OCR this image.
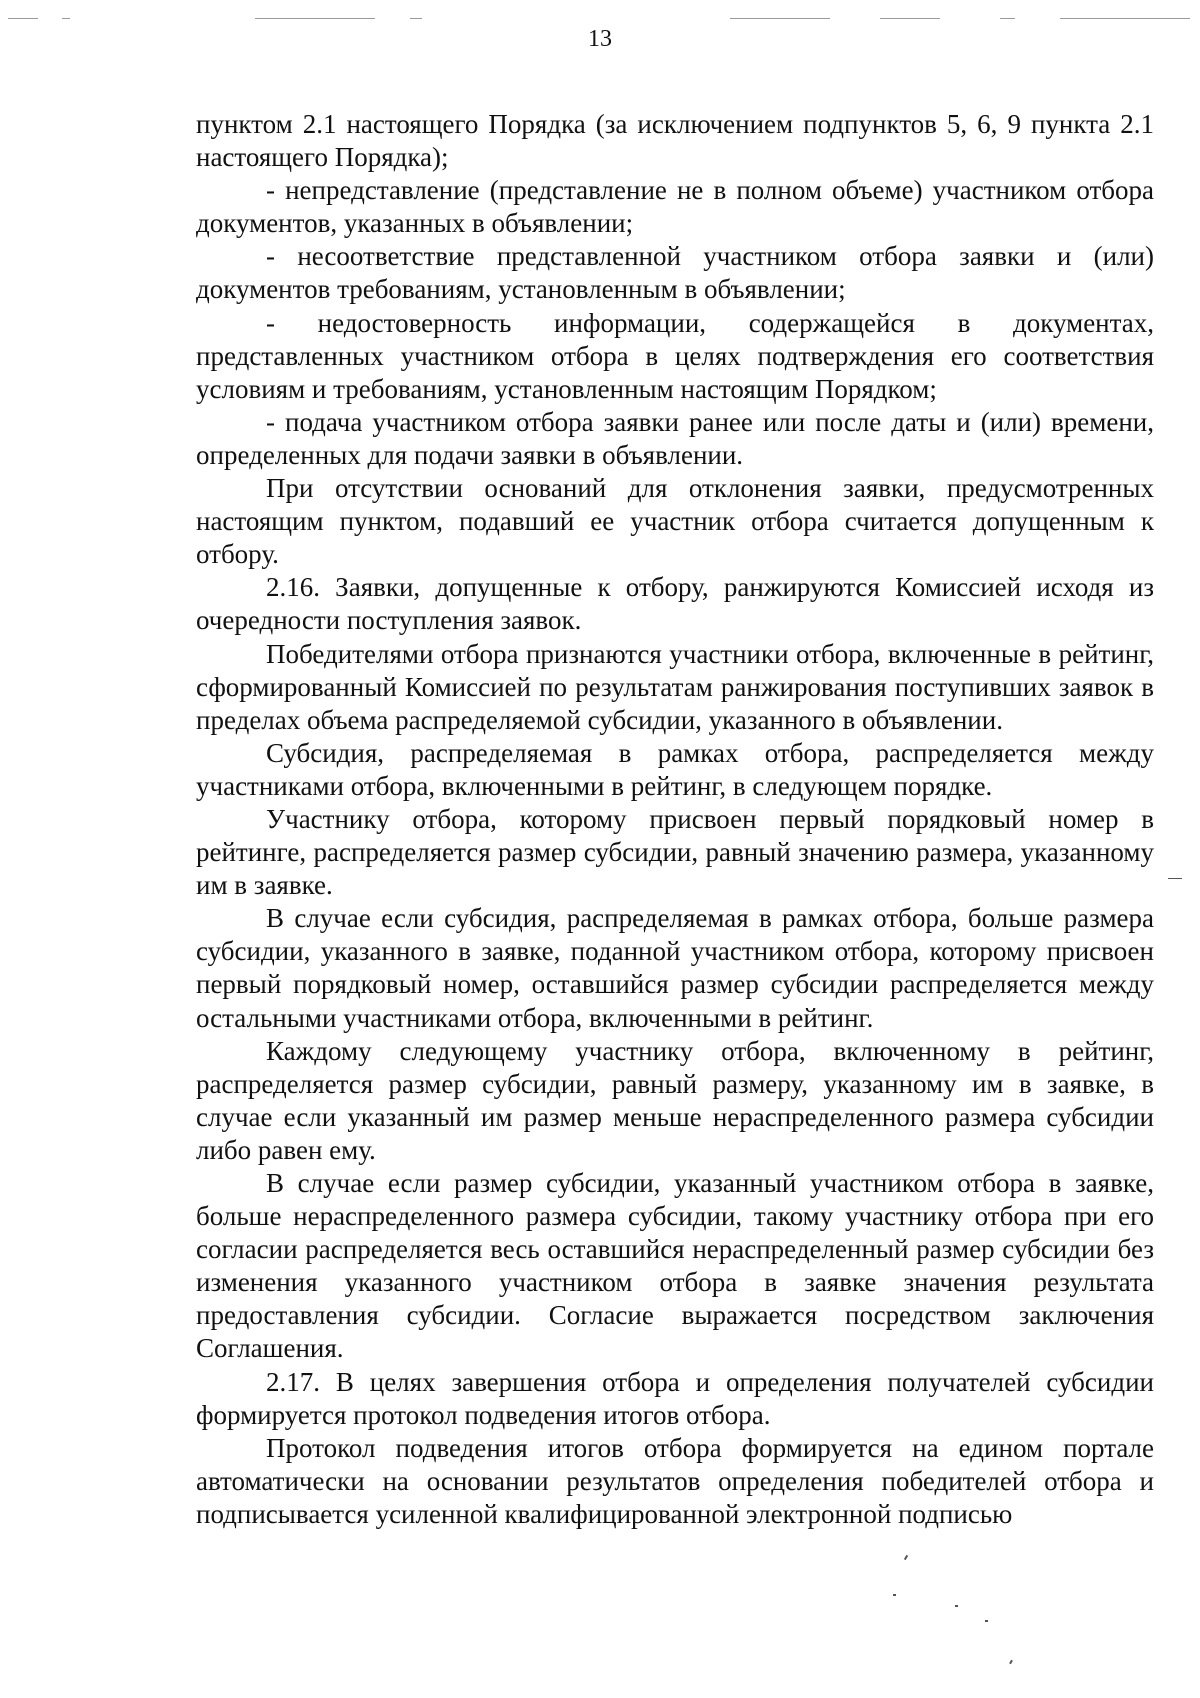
13

пунктом 2.1 настоящего Порядка (за исключением подпунктов 5, 6, 9 пункта 2.1 настоящего Порядка);

- непредставление (представление не в полном объеме) участником отбора документов, указанных в объявлении;

- несоответствие представленной участником отбора заявки и (или) документов требованиям, установленным в объявлении;

- недостоверность информации, содержащейся в документах, представленных участником отбора в целях подтверждения его соответствия условиям и требованиям, установленным настоящим Порядком;

- подача участником отбора заявки ранее или после даты и (или) времени, определенных для подачи заявки в объявлении.

При отсутствии оснований для отклонения заявки, предусмотренных настоящим пунктом, подавший ее участник отбора считается допущенным к отбору.

2.16. Заявки, допущенные к отбору, ранжируются Комиссией исходя из очередности поступления заявок.

Победителями отбора признаются участники отбора, включенные в рейтинг, сформированный Комиссией по результатам ранжирования поступивших заявок в пределах объема распределяемой субсидии, указанного в объявлении.

Субсидия, распределяемая в рамках отбора, распределяется между участниками отбора, включенными в рейтинг, в следующем порядке.

Участнику отбора, которому присвоен первый порядковый номер в рейтинге, распределяется размер субсидии, равный значению размера, указанному им в заявке.

В случае если субсидия, распределяемая в рамках отбора, больше размера субсидии, указанного в заявке, поданной участником отбора, которому присвоен первый порядковый номер, оставшийся размер субсидии распределяется между остальными участниками отбора, включенными в рейтинг.

Каждому следующему участнику отбора, включенному в рейтинг, распределяется размер субсидии, равный размеру, указанному им в заявке, в случае если указанный им размер меньше нераспределенного размера субсидии либо равен ему.

В случае если размер субсидии, указанный участником отбора в заявке, больше нераспределенного размера субсидии, такому участнику отбора при его согласии распределяется весь оставшийся нераспределенный размер субсидии без изменения указанного участником отбора в заявке значения результата предоставления субсидии. Согласие выражается посредством заключения Соглашения.

2.17. В целях завершения отбора и определения получателей субсидии формируется протокол подведения итогов отбора.

Протокол подведения итогов отбора формируется на едином портале автоматически на основании результатов определения победителей отбора и подписывается усиленной квалифицированной электронной подписью
